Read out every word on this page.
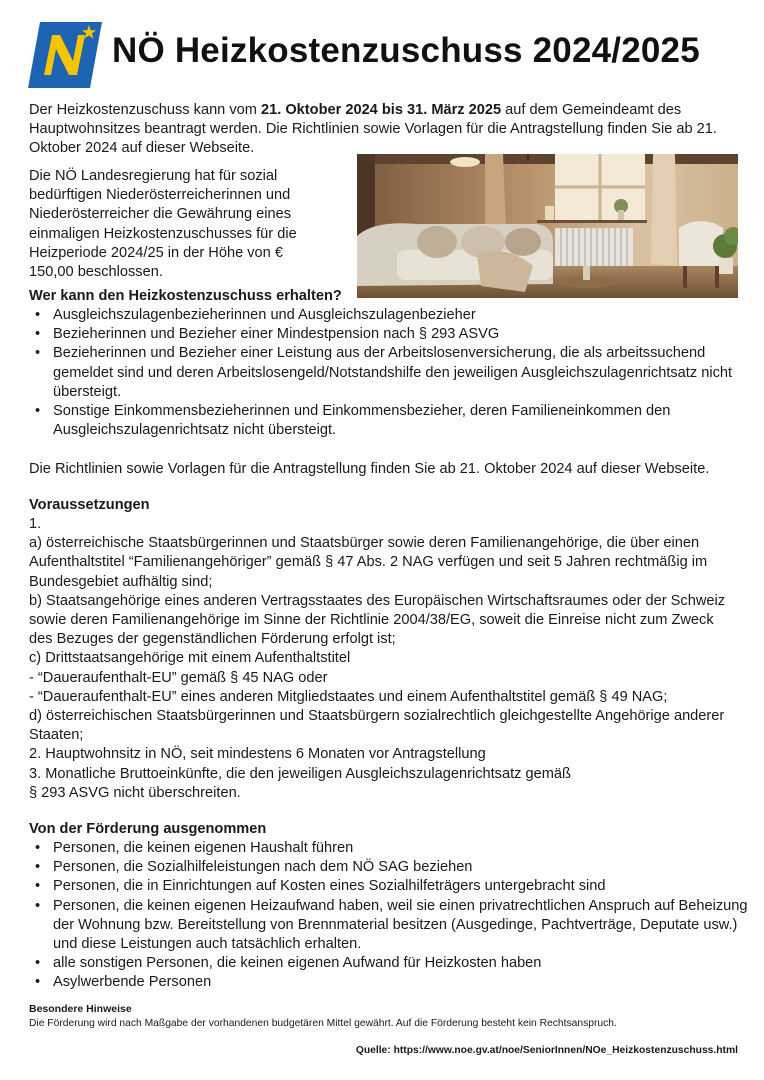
NÖ Heizkostenzuschuss 2024/2025

Der Heizkostenzuschuss kann vom 21. Oktober 2024 bis 31. März 2025 auf dem Gemeindeamt des Hauptwohnsitzes beantragt werden. Die Richtlinien sowie Vorlagen für die Antragstellung finden Sie ab 21. Oktober 2024 auf dieser Webseite.

Die NÖ Landesregierung hat für sozial bedürftigen Niederösterreicherinnen und Niederösterreicher die Gewährung eines einmaligen Heizkostenzuschusses für die Heizperiode 2024/25 in der Höhe von € 150,00 beschlossen.

Wer kann den Heizkostenzuschuss erhalten?

• Ausgleichszulagenbezieherinnen und Ausgleichszulagenbezieher
• Bezieherinnen und Bezieher einer Mindestpension nach § 293 ASVG
• Bezieherinnen und Bezieher einer Leistung aus der Arbeitslosenversicherung, die als arbeitssuchend gemeldet sind und deren Arbeitslosengeld/Notstandshilfe den jeweiligen Ausgleichszulagenrichtsatz nicht übersteigt.
• Sonstige Einkommensbezieherinnen und Einkommensbezieher, deren Familieneinkommen den Ausgleichszulagenrichtsatz nicht übersteigt.

Die Richtlinien sowie Vorlagen für die Antragstellung finden Sie ab 21. Oktober 2024 auf dieser Webseite.

Voraussetzungen

1.

a) österreichische Staatsbürgerinnen und Staatsbürger sowie deren Familienangehörige, die über einen Aufenthaltstitel “Familienangehöriger” gemäß § 47 Abs. 2 NAG verfügen und seit 5 Jahren rechtmäßig im Bundesgebiet aufhältig sind;

b) Staatsangehörige eines anderen Vertragsstaates des Europäischen Wirtschaftsraumes oder der Schweiz sowie deren Familienangehörige im Sinne der Richtlinie 2004/38/EG, soweit die Einreise nicht zum Zweck des Bezuges der gegenständlichen Förderung erfolgt ist;

c) Drittstaatsangehörige mit einem Aufenthaltstitel

- “Daueraufenthalt-EU” gemäß § 45 NAG oder

- “Daueraufenthalt-EU” eines anderen Mitgliedstaates und einem Aufenthaltstitel gemäß § 49 NAG;

d) österreichischen Staatsbürgerinnen und Staatsbürgern sozialrechtlich gleichgestellte Angehörige anderer Staaten;

2. Hauptwohnsitz in NÖ, seit mindestens 6 Monaten vor Antragstellung

3. Monatliche Bruttoeinkünfte, die den jeweiligen Ausgleichszulagenrichtsatz gemäß

§ 293 ASVG nicht überschreiten.

Von der Förderung ausgenommen

• Personen, die keinen eigenen Haushalt führen
• Personen, die Sozialhilfeleistungen nach dem NÖ SAG beziehen
• Personen, die in Einrichtungen auf Kosten eines Sozialhilfeträgers untergebracht sind
• Personen, die keinen eigenen Heizaufwand haben, weil sie einen privatrechtlichen Anspruch auf Beheizung der Wohnung bzw. Bereitstellung von Brennmaterial besitzen (Ausgedinge, Pachtverträge, Deputate usw.) und diese Leistungen auch tatsächlich erhalten.
• alle sonstigen Personen, die keinen eigenen Aufwand für Heizkosten haben
• Asylwerbende Personen

Besondere Hinweise

Die Förderung wird nach Maßgabe der vorhandenen budgetären Mittel gewährt. Auf die Förderung besteht kein Rechtsanspruch.

Quelle: https://www.noe.gv.at/noe/SeniorInnen/NOe_Heizkostenzuschuss.html
